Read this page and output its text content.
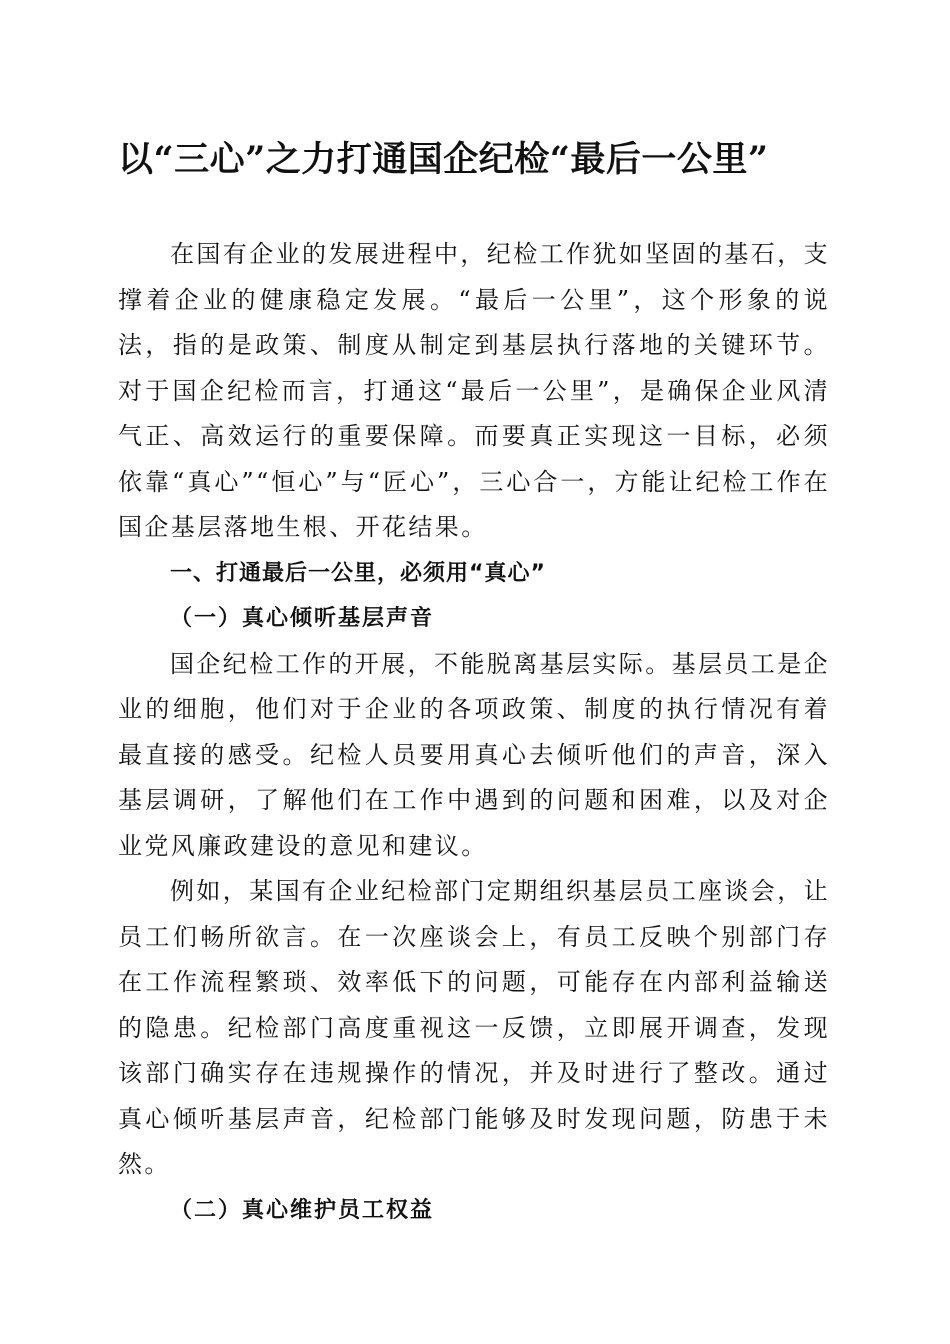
以“三心”之力打通国企纪检“最后一公里”

在国有企业的发展进程中，纪检工作犹如坚固的基石，支撑着企业的健康稳定发展。“最后一公里”，这个形象的说法，指的是政策、制度从制定到基层执行落地的关键环节。对于国企纪检而言，打通这“最后一公里”，是确保企业风清气正、高效运行的重要保障。而要真正实现这一目标，必须依靠“真心”“恒心”与“匠心”，三心合一，方能让纪检工作在国企基层落地生根、开花结果。

一、打通最后一公里，必须用“真心”

（一）真心倾听基层声音

国企纪检工作的开展，不能脱离基层实际。基层员工是企业的细胞，他们对于企业的各项政策、制度的执行情况有着最直接的感受。纪检人员要用真心去倾听他们的声音，深入基层调研，了解他们在工作中遇到的问题和困难，以及对企业党风廉政建设的意见和建议。

例如，某国有企业纪检部门定期组织基层员工座谈会，让员工们畅所欲言。在一次座谈会上，有员工反映个别部门存在工作流程繁琐、效率低下的问题，可能存在内部利益输送的隐患。纪检部门高度重视这一反馈，立即展开调查，发现该部门确实存在违规操作的情况，并及时进行了整改。通过真心倾听基层声音，纪检部门能够及时发现问题，防患于未然。

（二）真心维护员工权益
